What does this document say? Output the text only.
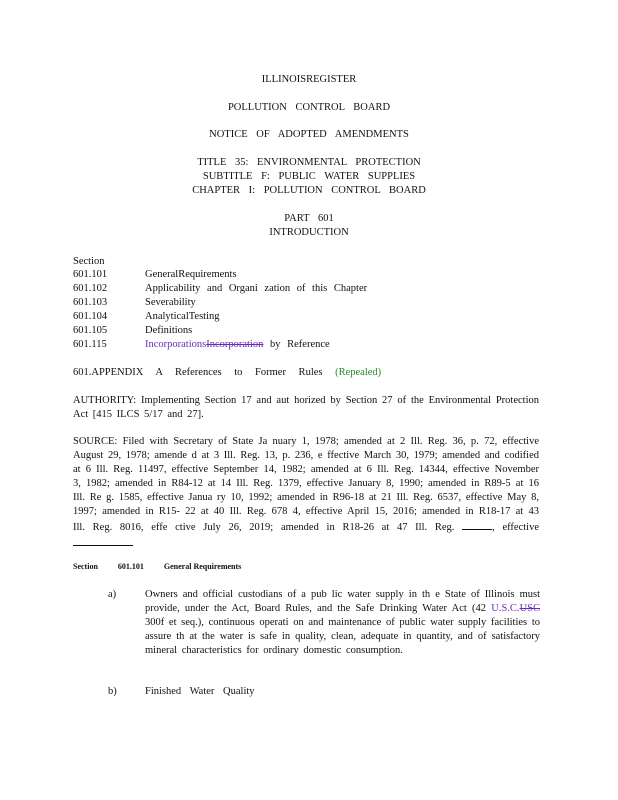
ILLINOISREGISTER
POLLUTION CONTROL BOARD
NOTICE OF ADOPTED AMENDMENTS
TITLE 35: ENVIRONMENTAL PROTECTION
SUBTITLE F: PUBLIC WATER SUPPLIES
CHAPTER I: POLLUTION CONTROL BOARD
PART 601
INTRODUCTION
Section
601.101	GeneralRequirements
601.102	Applicability and Organi zation of this Chapter
601.103	Severability
601.104	AnalyticalTesting
601.105	Definitions
601.115	IncorporationsIncorporation by Reference
601.APPENDIX A References to Former Rules (Repealed)
AUTHORITY: Implementing Section 17 and aut horized by Section 27 of the Environmental Protection Act [415 ILCS 5/17 and 27].
SOURCE: Filed with Secretary of State Ja nuary 1, 1978; amended at 2 Ill. Reg. 36, p. 72, effective August 29, 1978; amende d at 3 Ill. Reg. 13, p. 236, e ffective March 30, 1979; amended and codified at 6 Ill. Reg. 11497, effective September 14, 1982; amended at 6 Ill. Reg. 14344, effective November 3, 1982; amended in R84-12 at 14 Ill. Reg. 1379, effective January 8, 1990; amended in R89-5 at 16 Ill. Re g. 1585, effective Janua ry 10, 1992; amended in R96-18 at 21 Ill. Reg. 6537, effective May 8, 1997; amended in R15- 22 at 40 Ill. Reg. 678 4, effective April 15, 2016; amended in R18-17 at 43 Ill. Reg. 8016, effe ctive July 26, 2019; amended in R18-26 at 47 Ill. Reg.	, effective
Section	601.101	General Requirements
a)	Owners and official custodians of a pub lic water supply in th e State of Illinois must provide, under the Act, Board Rules, and the Safe Drinking Water Act (42 U.S.C.USC 300f et seq.), continuous operati on and maintenance of public water supply facilities to assure th at the water is safe in quality, clean, adequate in quantity, and of satisfactory mineral characteristics for ordinary domestic consumption.
b)	Finished Water Quality
